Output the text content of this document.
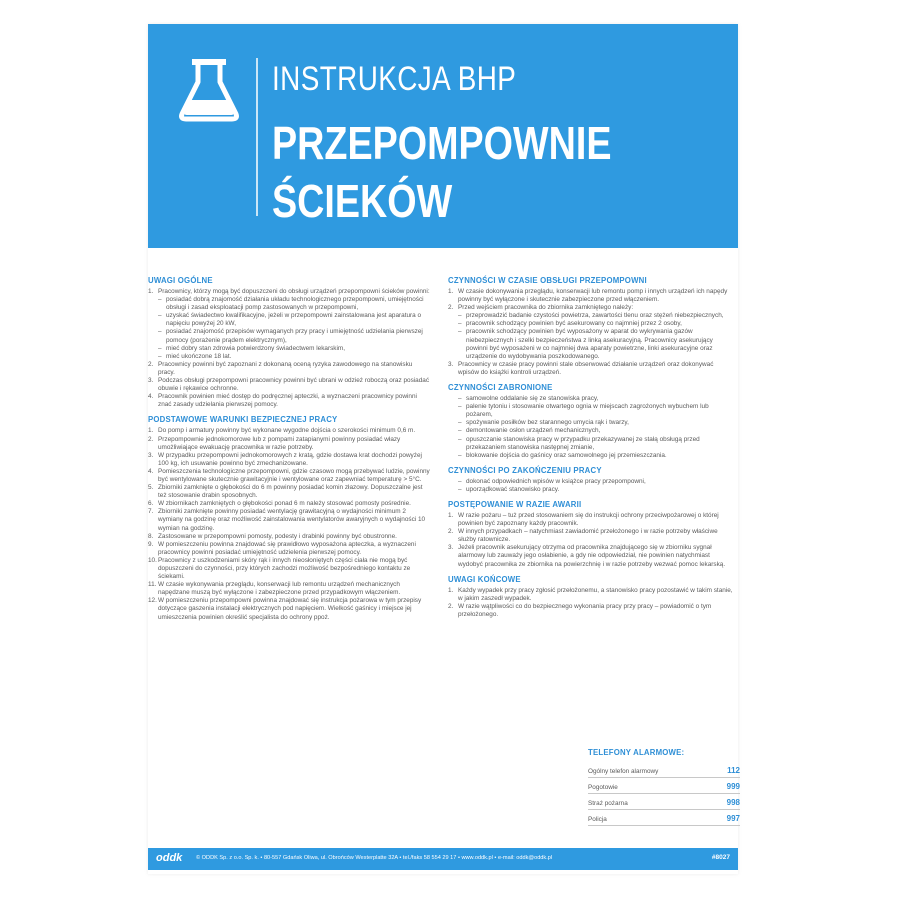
INSTRUKCJA BHP
PRZEPOMPOWNIE
ŚCIEKÓW
UWAGI OGÓLNE
1. Pracownicy, którzy mogą być dopuszczeni do obsługi urządzeń przepompowni ścieków powinni:
– posiadać dobrą znajomość działania układu technologicznego przepompowni, umiejętności obsługi i zasad eksploatacji pomp zastosowanych w przepompowni,
– uzyskać świadectwo kwalifikacyjne, jeżeli w przepompowni zainstalowana jest aparatura o napięciu powyżej 20 kW,
– posiadać znajomość przepisów wymaganych przy pracy i umiejętność udzielania pierwszej pomocy (porażenie prądem elektrycznym),
– mieć dobry stan zdrowia potwierdzony świadectwem lekarskim,
– mieć ukończone 18 lat.
2. Pracownicy powinni być zapoznani z dokonaną oceną ryzyka zawodowego na stanowisku pracy.
3. Podczas obsługi przepompowni pracownicy powinni być ubrani w odzież roboczą oraz posiadać obuwie i rękawice ochronne.
4. Pracownik powinien mieć dostęp do podręcznej apteczki, a wyznaczeni pracownicy powinni znać zasady udzielania pierwszej pomocy.
PODSTAWOWE WARUNKI BEZPIECZNEJ PRACY
1. Do pomp i armatury powinny być wykonane wygodne dojścia o szerokości minimum 0,6 m.
2. Przepompownie jednokomorowe lub z pompami zatapianymi powinny posiadać włazy umożliwiające ewakuację pracownika w razie potrzeby.
3. W przypadku przepompowni jednokomorowych z kratą, gdzie dostawa krat dochodzi powyżej 100 kg, ich usuwanie powinno być zmechanizowane.
4. Pomieszczenia technologiczne przepompowni, gdzie czasowo mogą przebywać ludzie, powinny być wentylowane skutecznie grawitacyjnie i wentylowane oraz zapewniać temperaturę > 5°C.
5. Zbiorniki zamknięte o głębokości do 6 m powinny posiadać komin złazowy. Dopuszczalne jest też stosowanie drabin sposobnych.
6. W zbiornikach zamkniętych o głębokości ponad 6 m należy stosować pomosty pośrednie.
7. Zbiorniki zamknięte powinny posiadać wentylację grawitacyjną o wydajności minimum 2 wymiany na godzinę oraz możliwość zainstalowania wentylatorów awaryjnych o wydajności 10 wymian na godzinę.
8. Zastosowane w przepompowni pomosty, podesty i drabinki powinny być obustronne.
9. W pomieszczeniu powinna znajdować się prawidłowo wyposażona apteczka, a wyznaczeni pracownicy powinni posiadać umiejętność udzielenia pierwszej pomocy.
10. Pracownicy z uszkodzeniami skóry rąk i innych nieosłoniętych części ciała nie mogą być dopuszczeni do czynności, przy których zachodzi możliwość bezpośredniego kontaktu ze ściekami.
11. W czasie wykonywania przeglądu, konserwacji lub remontu urządzeń mechanicznych napędzane muszą być wyłączone i zabezpieczone przed przypadkowym włączeniem.
12. W pomieszczeniu przepompowni powinna znajdować się instrukcja pożarowa w tym przepisy dotyczące gaszenia instalacji elektrycznych pod napięciem. Wielkość gaśnicy i miejsce jej umieszczenia powinien określić specjalista do ochrony ppoż.
CZYNNOŚCI W CZASIE OBSŁUGI PRZEPOMPOWNI
1. W czasie dokonywania przeglądu, konserwacji lub remontu pomp i innych urządzeń ich napędy powinny być wyłączone i skutecznie zabezpieczone przed włączeniem.
2. Przed wejściem pracownika do zbiornika zamkniętego należy:
– przeprowadzić badanie czystości powietrza, zawartości tlenu oraz stężeń niebezpiecznych,
– pracownik schodzący powinien być asekurowany co najmniej przez 2 osoby,
– pracownik schodzący powinien być wyposażony w aparat do wykrywania gazów niebezpiecznych i szelki bezpieczeństwa z linką asekuracyjną. Pracownicy asekurujący powinni być wyposażeni w co najmniej dwa aparaty powietrzne, linki asekuracyjne oraz urządzenie do wydobywania poszkodowanego.
3. Pracownicy w czasie pracy powinni stale obserwować działanie urządzeń oraz dokonywać wpisów do książki kontroli urządzeń.
CZYNNOŚCI ZABRONIONE
– samowolne oddalanie się ze stanowiska pracy,
– palenie tytoniu i stosowanie otwartego ognia w miejscach zagrożonych wybuchem lub pożarem,
– spożywanie posiłków bez starannego umycia rąk i twarzy,
– demontowanie osłon urządzeń mechanicznych,
– opuszczanie stanowiska pracy w przypadku przekazywanej ze stałą obsługą przed przekazaniem stanowiska następnej zmianie,
– blokowanie dojścia do gaśnicy oraz samowolnego jej przemieszczania.
CZYNNOŚCI PO ZAKOŃCZENIU PRACY
– dokonać odpowiednich wpisów w książce pracy przepompowni,
– uporządkować stanowisko pracy.
POSTĘPOWANIE W RAZIE AWARII
1. W razie pożaru – tuż przed stosowaniem się do instrukcji ochrony przeciwpożarowej o której powinien być zapoznany każdy pracownik.
2. W innych przypadkach – natychmiast zawiadomić przełożonego i w razie potrzeby właściwe służby ratownicze.
3. Jeżeli pracownik asekurujący otrzyma od pracownika znajdującego się w zbiorniku sygnał alarmowy lub zauważy jego osłabienie, a gdy nie odpowiedział, nie powinien natychmiast wydobyć pracownika ze zbiornika na powierzchnię i w razie potrzeby wezwać pomoc lekarską.
UWAGI KOŃCOWE
1. Każdy wypadek przy pracy zgłosić przełożonemu, a stanowisko pracy pozostawić w takim stanie, w jakim zaszedł wypadek.
2. W razie wątpliwości co do bezpiecznego wykonania pracy przy pracy – powiadomić o tym przełożonego.
TELEFONY ALARMOWE:
Ogólny telefon alarmowy	112
Pogotowie	999
Straż pożarna	998
Policja	997
oddk © ODDK Sp. z o.o. Sp. k. • 80-557 Gdańsk Oliwa, ul. Obrońców Westerplatte 32A • tel./faks 58 554 29 17 • www.oddk.pl • e-mail: oddk@oddk.pl	#8027
